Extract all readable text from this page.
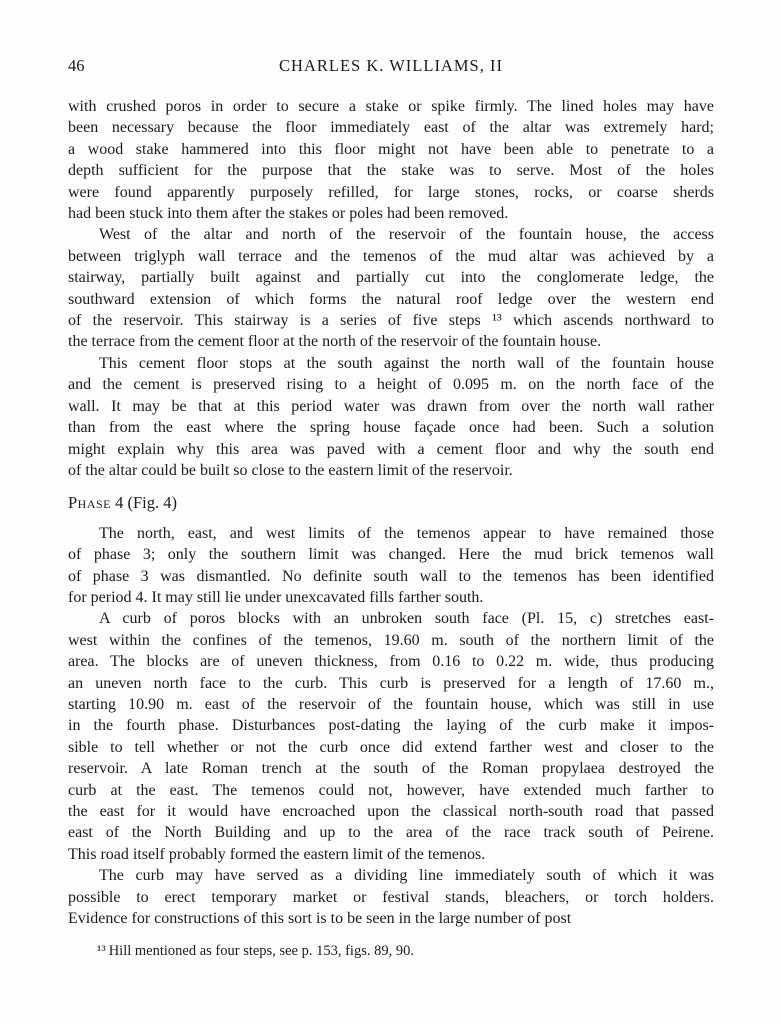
46	CHARLES K. WILLIAMS, II
with crushed poros in order to secure a stake or spike firmly. The lined holes may have
been necessary because the floor immediately east of the altar was extremely hard;
a wood stake hammered into this floor might not have been able to penetrate to a
depth sufficient for the purpose that the stake was to serve. Most of the holes
were found apparently purposely refilled, for large stones, rocks, or coarse sherds
had been stuck into them after the stakes or poles had been removed.
West of the altar and north of the reservoir of the fountain house, the access
between triglyph wall terrace and the temenos of the mud altar was achieved by a
stairway, partially built against and partially cut into the conglomerate ledge, the
southward extension of which forms the natural roof ledge over the western end
of the reservoir. This stairway is a series of five steps ¹³ which ascends northward to
the terrace from the cement floor at the north of the reservoir of the fountain house.
This cement floor stops at the south against the north wall of the fountain house
and the cement is preserved rising to a height of 0.095 m. on the north face of the
wall. It may be that at this period water was drawn from over the north wall rather
than from the east where the spring house façade once had been. Such a solution
might explain why this area was paved with a cement floor and why the south end
of the altar could be built so close to the eastern limit of the reservoir.
Phase 4 (Fig. 4)
The north, east, and west limits of the temenos appear to have remained those
of phase 3; only the southern limit was changed. Here the mud brick temenos wall
of phase 3 was dismantled. No definite south wall to the temenos has been identified
for period 4. It may still lie under unexcavated fills farther south.
A curb of poros blocks with an unbroken south face (Pl. 15, c) stretches east-
west within the confines of the temenos, 19.60 m. south of the northern limit of the
area. The blocks are of uneven thickness, from 0.16 to 0.22 m. wide, thus producing
an uneven north face to the curb. This curb is preserved for a length of 17.60 m.,
starting 10.90 m. east of the reservoir of the fountain house, which was still in use
in the fourth phase. Disturbances post-dating the laying of the curb make it impos-
sible to tell whether or not the curb once did extend farther west and closer to the
reservoir. A late Roman trench at the south of the Roman propylaea destroyed the
curb at the east. The temenos could not, however, have extended much farther to
the east for it would have encroached upon the classical north-south road that passed
east of the North Building and up to the area of the race track south of Peirene.
This road itself probably formed the eastern limit of the temenos.
The curb may have served as a dividing line immediately south of which it was
possible to erect temporary market or festival stands, bleachers, or torch holders.
Evidence for constructions of this sort is to be seen in the large number of post
¹³ Hill mentioned as four steps, see p. 153, figs. 89, 90.
